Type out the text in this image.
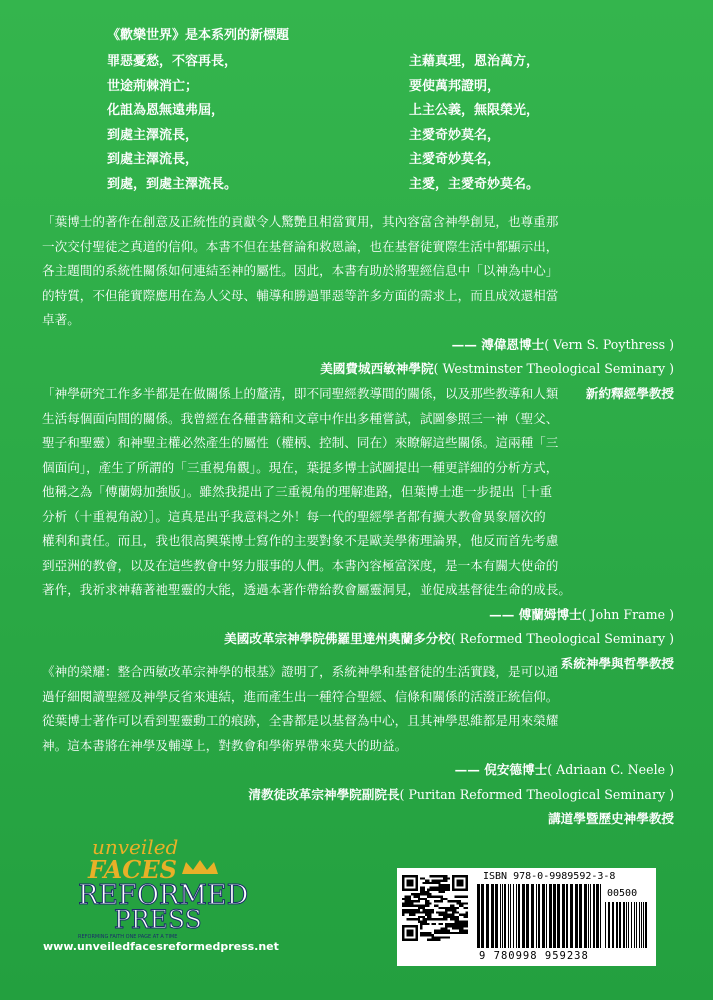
《歡樂世界》是本系列的新標題
罪惡憂愁，不容再長，
世途荊棘消亡；
化詛為恩無遠弗屆，
到處主澤流長，
到處主澤流長，
到處，到處主澤流長。
主藉真理，恩治萬方，
要使萬邦證明，
上主公義，無限榮光，
主愛奇妙莫名，
主愛奇妙莫名，
主愛，主愛奇妙莫名。
「葉博士的著作在創意及正統性的貢獻令人驚艷且相當實用，其內容富含神學創見，也尊重那
一次交付聖徒之真道的信仰。本書不但在基督論和救恩論，也在基督徒實際生活中都顯示出，
各主題間的系統性關係如何連結至神的屬性。因此，本書有助於將聖經信息中「以神為中心」
的特質，不但能實際應用在為人父母、輔導和勝過罪惡等許多方面的需求上，而且成效還相當
卓著。
—— 溥偉恩博士( Vern S. Poythress )
美國費城西敏神學院( Westminster Theological Seminary )
新約釋經學教授
「神學研究工作多半都是在做關係上的釐清，即不同聖經教導間的關係，以及那些教導和人類
生活每個面向間的關係。我曾經在各種書籍和文章中作出多種嘗試，試圖參照三一神（聖父、
聖子和聖靈）和神聖主權必然產生的屬性（權柄、控制、同在）來瞭解這些關係。這兩種「三
個面向」，產生了所謂的「三重視角觀」。現在，葉提多博士試圖提出一種更詳細的分析方式，
他稱之為「傅蘭姆加強版」。雖然我提出了三重視角的理解進路，但葉博士進一步提出［十重
分析（十重視角說）］。這真是出乎我意料之外！每一代的聖經學者都有擴大教會異象層次的
權利和責任。而且，我也很高興葉博士寫作的主要對象不是歐美學術理論界，他反而首先考慮
到亞洲的教會，以及在這些教會中努力服事的人們。本書內容極富深度，是一本有關大使命的
著作，我祈求神藉著祂聖靈的大能，透過本著作帶給教會屬靈洞見，並促成基督徒生命的成長。
—— 傅蘭姆博士( John Frame )
美國改革宗神學院佛羅里達州奧蘭多分校( Reformed Theological Seminary )
系統神學與哲學教授
《神的榮耀：整合西敏改革宗神學的根基》證明了，系統神學和基督徒的生活實踐，是可以通
過仔細閱讀聖經及神學反省來連結，進而產生出一種符合聖經、信條和關係的活潑正統信仰。
從葉博士著作可以看到聖靈動工的痕跡，全書都是以基督為中心，且其神學思維都是用來榮耀
神。這本書將在神學及輔導上，對教會和學術界帶來莫大的助益。
—— 倪安德博士( Adriaan C. Neele )
清教徒改革宗神學院副院長( Puritan Reformed Theological Seminary )
講道學暨歷史神學教授
unveiled
FACES
REFORMED
PRESS
REFORMING FAITH ONE PAGE AT A TIME
www.unveiledfacesreformedpress.net
ISBN 978-0-9989592-3-8
00500
9 780998 959238
